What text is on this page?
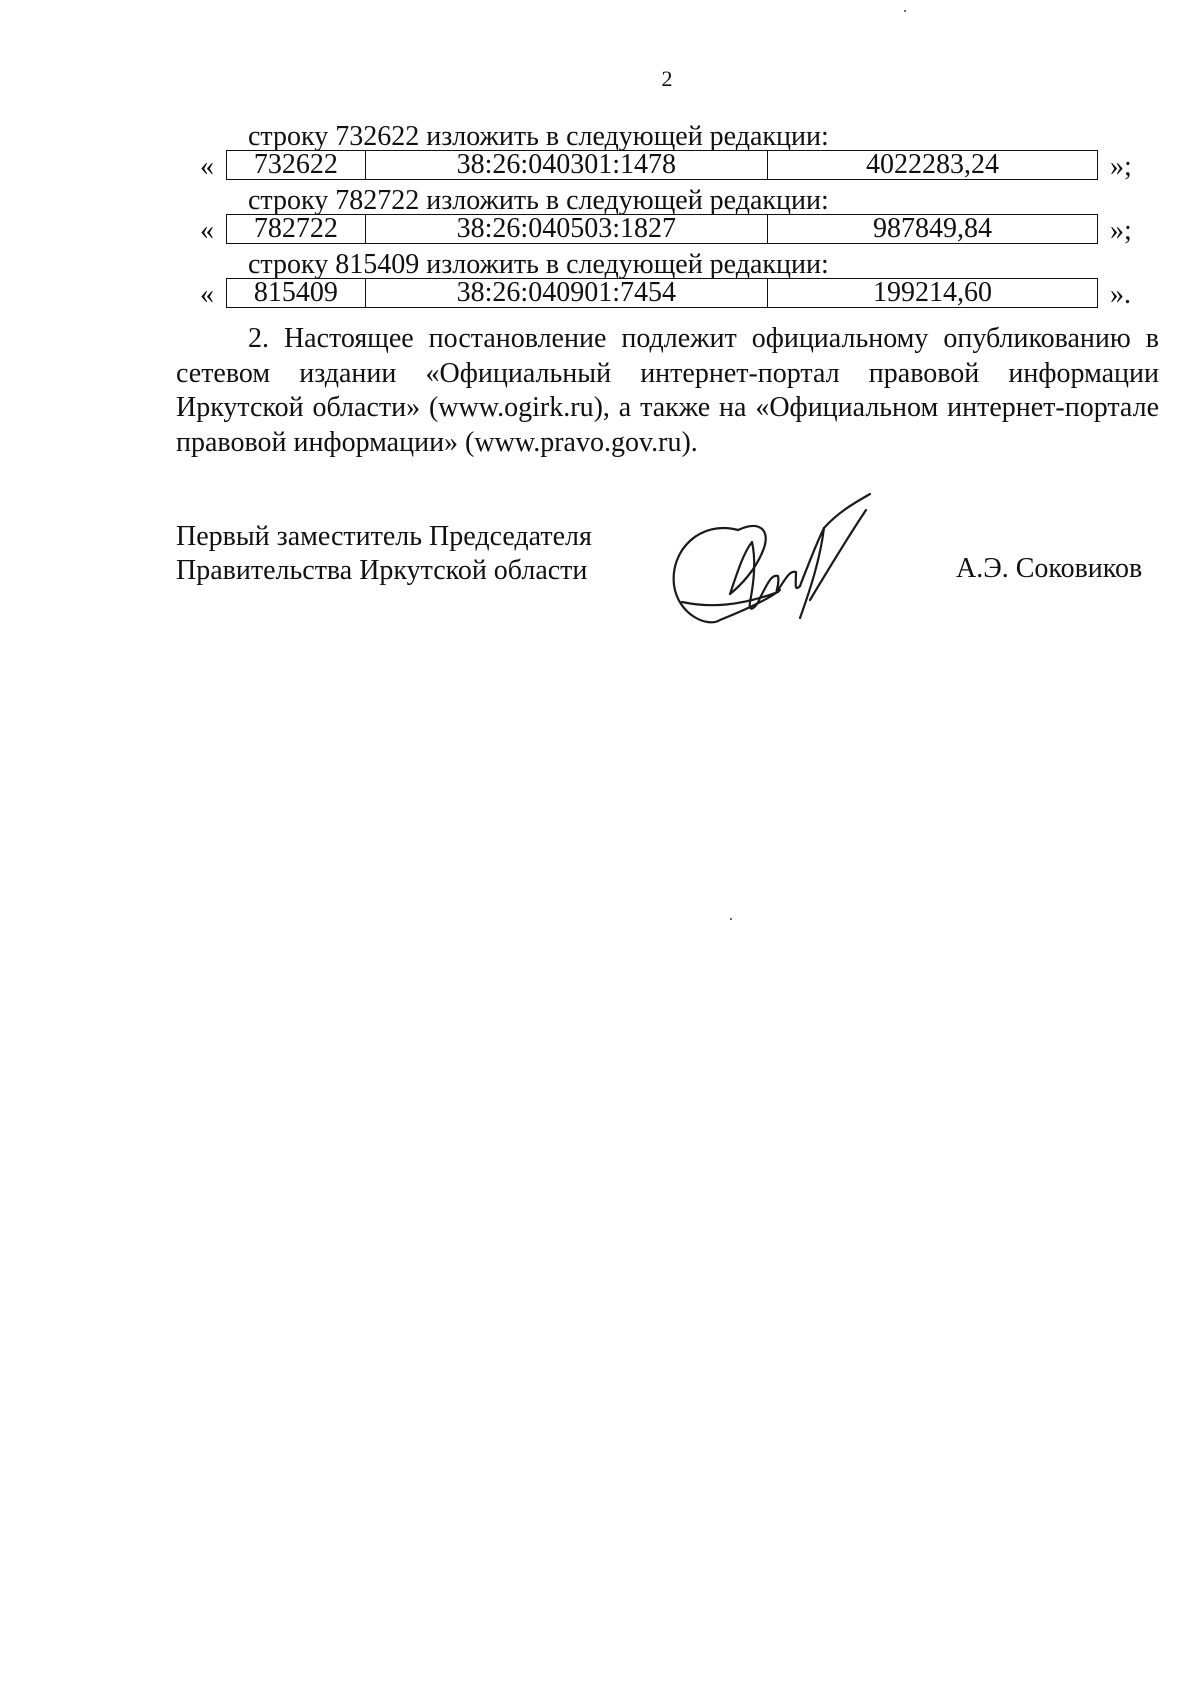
2
строку 732622 изложить в следующей редакции:
« 732622	38:26:040301:1478	4022283,24	»;
строку 782722 изложить в следующей редакции:
« 782722	38:26:040503:1827	987849,84	»;
строку 815409 изложить в следующей редакции:
« 815409	38:26:040901:7454	199214,60	».

2. Настоящее постановление подлежит официальному опубликованию в сетевом издании «Официальный интернет-портал правовой информации Иркутской области» (www.ogirk.ru), а также на «Официальном интернет-портале правовой информации» (www.pravo.gov.ru).

Первый заместитель Председателя
Правительства Иркутской области	А.Э. Соковиков
